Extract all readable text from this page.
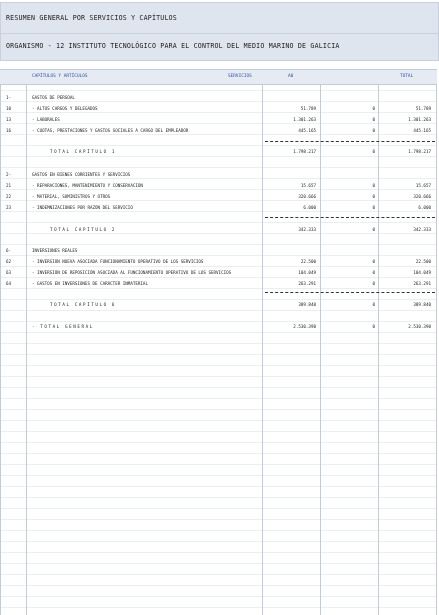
RESUMEN GENERAL POR SERVICIOS Y CAPÍTULOS
ORGANISMO - 12 INSTITUTO TECNOLÓGICO PARA EL CONTROL DEL MEDIO MARINO DE GALICIA
CAPÍTULOS Y ARTÍCULOS	SERVICIOS	A0	TOTAL
1-	GASTOS DE PERSOAL
10	- ALTOS CARGOS Y DELEGADOS	51.789	0	51.789
13	- LABORALES	1.301.263	0	1.301.263
16	- CUOTAS, PRESTACIONES Y GASTOS SOCIALES A CARGO DEL EMPLEADOR	445.165	0	445.165
TOTAL CAPÍTULO 1	1.798.217	0	1.798.217
2-	GASTOS EN BIENES CORRIENTES Y SERVICIOS
21	- REPARACIONES, MANTENIMIENTO Y CONSERVACIÓN	15.657	0	15.657
22	- MATERIAL, SUMINISTROS Y OTROS	320.666	0	320.666
23	- INDEMNIZACIONES POR RAZÓN DEL SERVICIO	6.000	0	6.000
TOTAL CAPÍTULO 2	342.333	0	342.333
6-	INVERSIONES REALES
62	- INVERSIÓN NUEVA ASOCIADA FUNCIONAMIENTO OPERATIVO DE LOS SERVICIOS	22.500	0	22.500
63	- INVERSIÓN DE REPOSICIÓN ASOCIADA AL FUNCIONAMIENTO OPERATIVO DE LOS SERVICIOS	104.049	0	104.049
64	- GASTOS EN INVERSIONES DE CARÁCTER INMATERIAL	263.291	0	263.291
TOTAL CAPÍTULO 6	389.840	0	389.840
- TOTAL GENERAL	2.530.390	0	2.530.390
